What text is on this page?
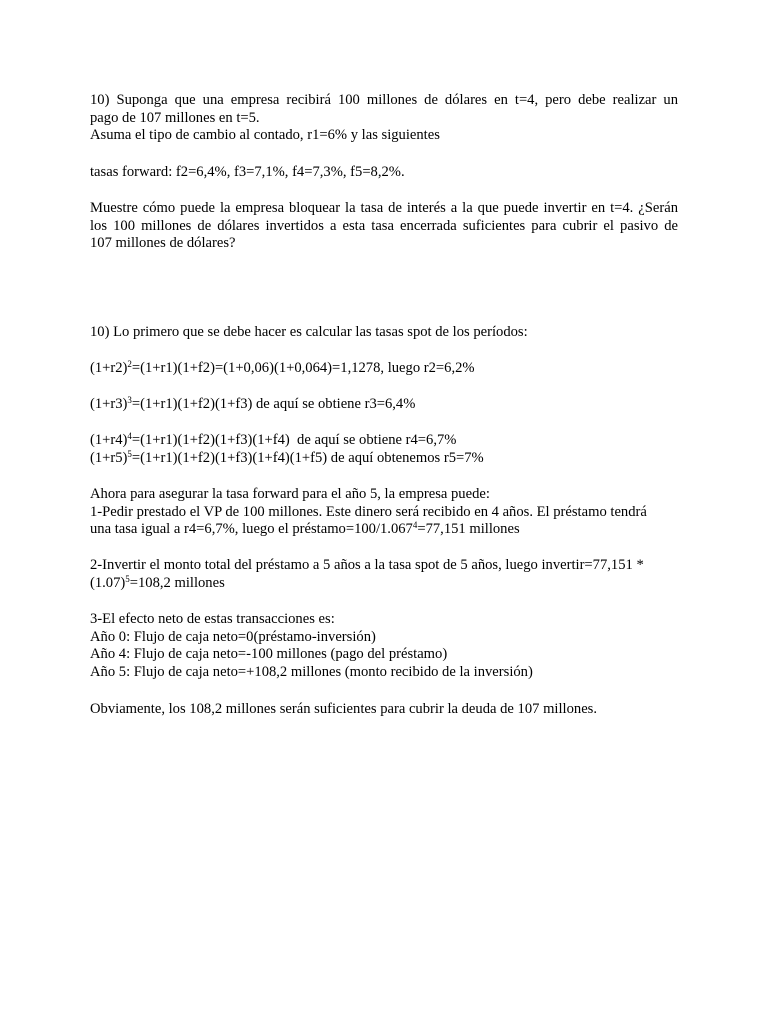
10) Suponga que una empresa recibirá 100 millones de dólares en t=4, pero debe realizar un
pago de 107 millones en t=5.
Asuma el tipo de cambio al contado, r1=6% y las siguientes
tasas forward: f2=6,4%, f3=7,1%, f4=7,3%, f5=8,2%.
Muestre cómo puede la empresa bloquear la tasa de interés a la que puede invertir en t=4. ¿Serán
los 100 millones de dólares invertidos a esta tasa encerrada suficientes para cubrir el pasivo de
107 millones de dólares?
10) Lo primero que se debe hacer es calcular las tasas spot de los períodos:
$(1+r2)^2=(1+r1)(1+f2)=(1+0,06)(1+0,064)=1,1278$, luego r2=6,2%
$(1+r3)^3=(1+r1)(1+f2)(1+f3)$ de aquí se obtiene r3=6,4%
$(1+r4)^4=(1+r1)(1+f2)(1+f3)(1+f4)$  de aquí se obtiene r4=6,7%
$(1+r5)^5=(1+r1)(1+f2)(1+f3)(1+f4)(1+f5)$ de aquí obtenemos r5=7%
Ahora para asegurar la tasa forward para el año 5, la empresa puede:
1-Pedir prestado el VP de 100 millones. Este dinero será recibido en 4 años. El préstamo tendrá
una tasa igual a r4=6,7%, luego el $préstamo=100/1.067^4=77,151$ millones
2-Invertir el monto total del préstamo a 5 años a la tasa spot de 5 años, luego invertir=77,151 *
$(1.07)^5=108,2$ millones
3-El efecto neto de estas transacciones es:
Año 0: Flujo de caja neto=0(préstamo-inversión)
Año 4: Flujo de caja neto=-100 millones (pago del préstamo)
Año 5: Flujo de caja neto=+108,2 millones (monto recibido de la inversión)
Obviamente, los 108,2 millones serán suficientes para cubrir la deuda de 107 millones.
